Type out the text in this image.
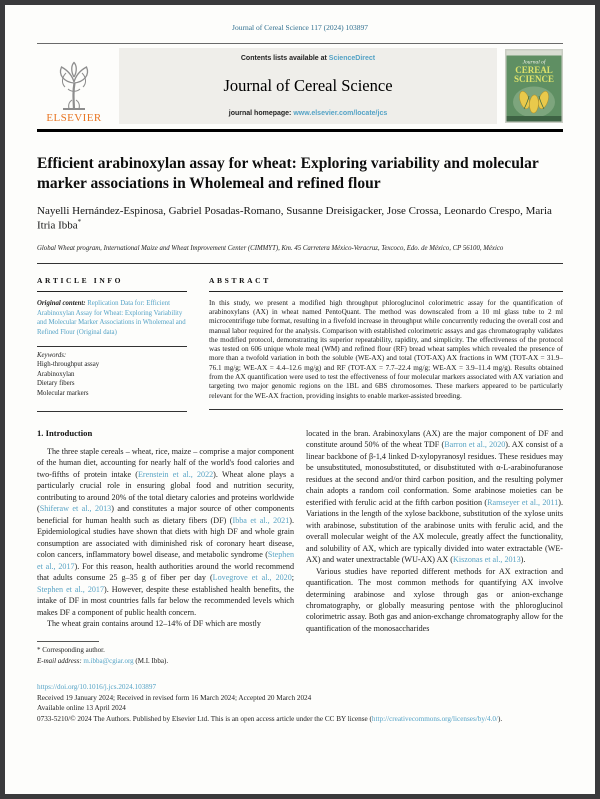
Journal of Cereal Science 117 (2024) 103897
ELSEVIER
Contents lists available at ScienceDirect
Journal of Cereal Science
journal homepage: www.elsevier.com/locate/jcs
Journal of
CEREAL
SCIENCE
Efficient arabinoxylan assay for wheat: Exploring variability and molecular marker associations in Wholemeal and refined flour
Nayelli Hernández-Espinosa, Gabriel Posadas-Romano, Susanne Dreisigacker, Jose Crossa, Leonardo Crespo, Maria Itria Ibba*
Global Wheat program, International Maize and Wheat Improvement Center (CIMMYT), Km. 45 Carretera México-Veracruz, Texcoco, Edo. de México, CP 56100, México
ARTICLE INFO

Original content: Replication Data for: Efficient Arabinoxylan Assay for Wheat: Exploring Variability and Molecular Marker Associations in Wholemeal and Refined Flour (Original data)

Keywords:

High-throughput assay
Arabinoxylan
Dietary fibers
Molecular markers
ABSTRACT

In this study, we present a modified high throughput phloroglucinol colorimetric assay for the quantification of arabinoxylans (AX) in wheat named PentoQuant. The method was downscaled from a 10 ml glass tube to 2 ml microcentrifuge tube format, resulting in a fivefold increase in throughput while concurrently reducing the overall cost and manual labor required for the analysis. Comparison with established colorimetric assays and gas chromatography validates the modified protocol, demonstrating its superior repeatability, rapidity, and simplicity. The effectiveness of the protocol was tested on 606 unique whole meal (WM) and refined flour (RF) bread wheat samples which revealed the presence of more than a twofold variation in both the soluble (WE-AX) and total (TOT-AX) AX fractions in WM (TOT-AX = 31.9–76.1 mg/g; WE-AX = 4.4–12.6 mg/g) and RF (TOT-AX = 7.7–22.4 mg/g; WE-AX = 3.9–11.4 mg/g). Results obtained from the AX quantification were used to test the effectiveness of four molecular markers associated with AX variation and targeting two major genomic regions on the 1BL and 6BS chromosomes. These markers appeared to be particularly relevant for the WE-AX fraction, providing insights to enable marker-assisted breeding.

1. Introduction

The three staple cereals – wheat, rice, maize – comprise a major component of the human diet, accounting for nearly half of the world's food calories and two-fifths of protein intake (Erenstein et al., 2022). Wheat alone plays a particularly crucial role in ensuring global food and nutrition security, contributing to around 20% of the total dietary calories and proteins worldwide (Shiferaw et al., 2013) and constitutes a major source of other components beneficial for human health such as dietary fibers (DF) (Ibba et al., 2021). Epidemiological studies have shown that diets with high DF and whole grain consumption are associated with diminished risk of coronary heart disease, colon cancers, inflammatory bowel disease, and metabolic syndrome (Stephen et al., 2017). For this reason, health authorities around the world recommend that adults consume 25 g–35 g of fiber per day (Lovegrove et al., 2020; Stephen et al., 2017). However, despite these established health benefits, the intake of DF in most countries falls far below the recommended levels which makes DF a component of public health concern.

The wheat grain contains around 12–14% of DF which are mostly

* Corresponding author.
E-mail address: m.ibba@cgiar.org (M.I. Ibba).

located in the bran. Arabinoxylans (AX) are the major component of DF and constitute around 50% of the wheat TDF (Barron et al., 2020). AX consist of a linear backbone of β-1,4 linked D-xylopyranosyl residues. These residues may be unsubstituted, monosubstituted, or disubstituted with α-L-arabinofuranose residues at the second and/or third carbon position, and the resulting polymer chain adopts a random coil conformation. Some arabinose moieties can be esterified with ferulic acid at the fifth carbon position (Ramseyer et al., 2011). Variations in the length of the xylose backbone, substitution of the xylose units with arabinose, substitution of the arabinose units with ferulic acid, and the overall molecular weight of the AX molecule, greatly affect the functionality, and solubility of AX, which are typically divided into water extractable (WE-AX) and water unextractable (WU-AX) AX (Kiszonas et al., 2013).

Various studies have reported different methods for AX extraction and quantification. The most common methods for quantifying AX involve determining arabinose and xylose through gas or anion-exchange chromatography, or globally measuring pentose with the phloroglucinol colorimetric assay. Both gas and anion-exchange chromatography allow for the quantification of the monosaccharides

https://doi.org/10.1016/j.jcs.2024.103897
Received 19 January 2024; Received in revised form 16 March 2024; Accepted 20 March 2024
Available online 13 April 2024
0733-5210/© 2024 The Authors. Published by Elsevier Ltd. This is an open access article under the CC BY license (http://creativecommons.org/licenses/by/4.0/).
